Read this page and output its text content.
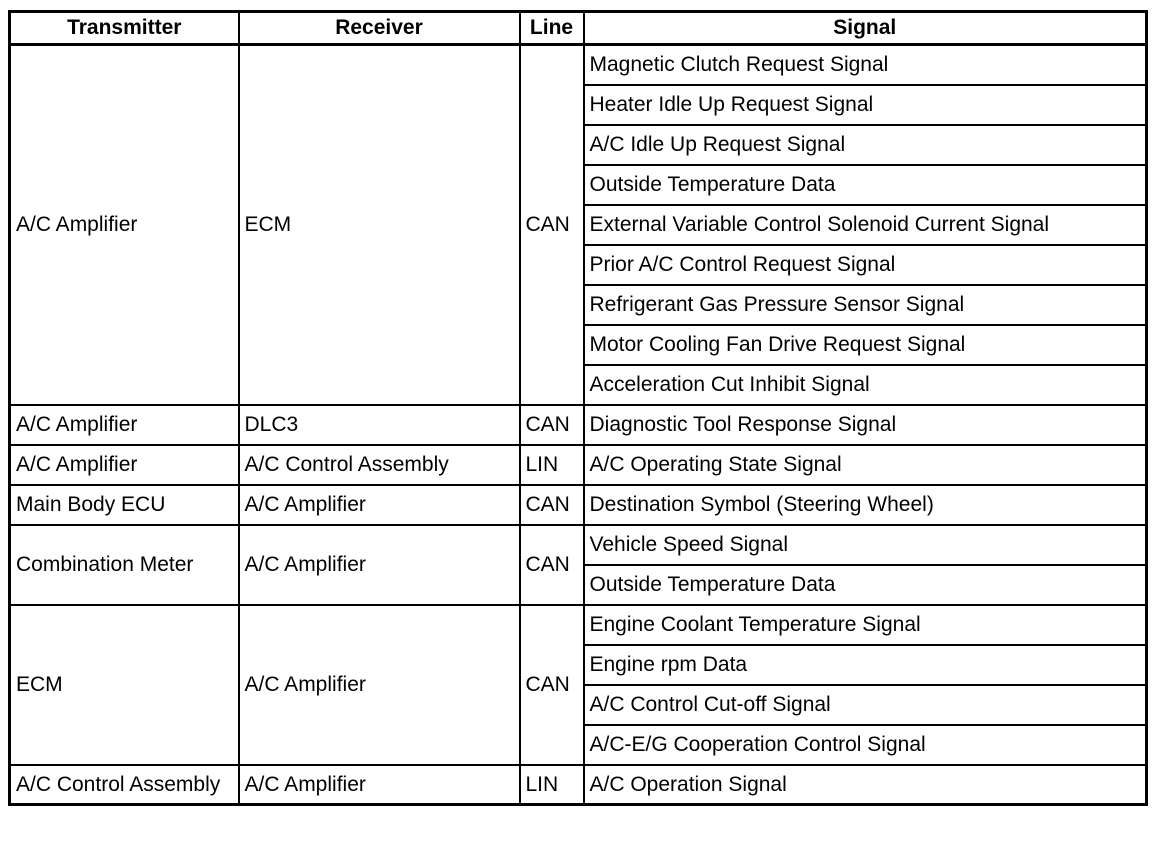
Transmitter	Receiver	Line	Signal
A/C Amplifier	ECM	CAN	Magnetic Clutch Request Signal
			Heater Idle Up Request Signal
			A/C Idle Up Request Signal
			Outside Temperature Data
			External Variable Control Solenoid Current Signal
			Prior A/C Control Request Signal
			Refrigerant Gas Pressure Sensor Signal
			Motor Cooling Fan Drive Request Signal
			Acceleration Cut Inhibit Signal
A/C Amplifier	DLC3	CAN	Diagnostic Tool Response Signal
A/C Amplifier	A/C Control Assembly	LIN	A/C Operating State Signal
Main Body ECU	A/C Amplifier	CAN	Destination Symbol (Steering Wheel)
Combination Meter	A/C Amplifier	CAN	Vehicle Speed Signal
			Outside Temperature Data
ECM	A/C Amplifier	CAN	Engine Coolant Temperature Signal
			Engine rpm Data
			A/C Control Cut-off Signal
			A/C-E/G Cooperation Control Signal
A/C Control Assembly	A/C Amplifier	LIN	A/C Operation Signal
